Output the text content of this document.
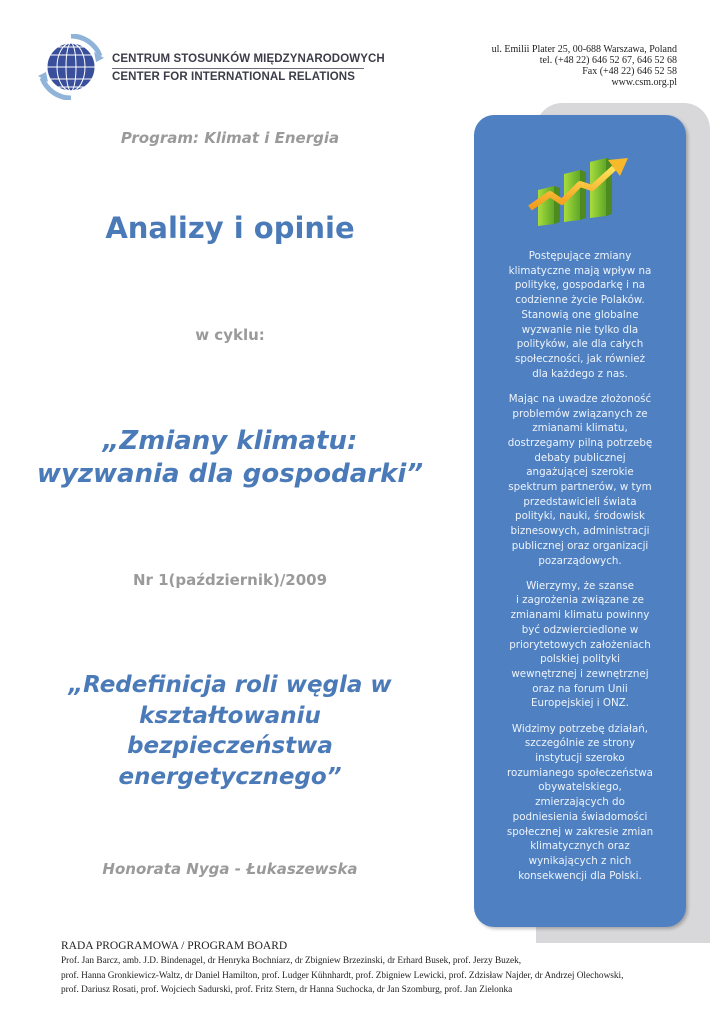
CENTRUM STOSUNKÓW MIĘDZYNARODOWYCH
CENTER FOR INTERNATIONAL RELATIONS
ul. Emilii Plater 25, 00-688 Warszawa, Poland
tel. (+48 22) 646 52 67, 646 52 68
Fax (+48 22) 646 52 58
www.csm.org.pl
Program: Klimat i Energia
Analizy i opinie
w cyklu:
„Zmiany klimatu:
wyzwania dla gospodarki”
Nr 1(październik)/2009
„Redefinicja roli węgla w
kształtowaniu
bezpieczeństwa
energetycznego”
Honorata Nyga - Łukaszewska

Postępujące zmiany
klimatyczne mają wpływ na
politykę, gospodarkę i na
codzienne życie Polaków.
Stanowią one globalne
wyzwanie nie tylko dla
polityków, ale dla całych
społeczności, jak również
dla każdego z nas.

Mając na uwadze złożoność
problemów związanych ze
zmianami klimatu,
dostrzegamy pilną potrzebę
debaty publicznej
angażującej szerokie
spektrum partnerów, w tym
przedstawicieli świata
polityki, nauki, środowisk
biznesowych, administracji
publicznej oraz organizacji
pozarządowych.

Wierzymy, że szanse
i zagrożenia związane ze
zmianami klimatu powinny
być odzwierciedlone w
priorytetowych założeniach
polskiej polityki
wewnętrznej i zewnętrznej
oraz na forum Unii
Europejskiej i ONZ.

Widzimy potrzebę działań,
szczególnie ze strony
instytucji szeroko
rozumianego społeczeństwa
obywatelskiego,
zmierzających do
podniesienia świadomości
społecznej w zakresie zmian
klimatycznych oraz
wynikających z nich
konsekwencji dla Polski.

RADA PROGRAMOWA / PROGRAM BOARD
Prof. Jan Barcz, amb. J.D. Bindenagel, dr Henryka Bochniarz, dr Zbigniew Brzezinski, dr Erhard Busek, prof. Jerzy Buzek,
prof. Hanna Gronkiewicz-Waltz, dr Daniel Hamilton, prof. Ludger Kühnhardt, prof. Zbigniew Lewicki, prof. Zdzisław Najder, dr Andrzej Olechowski,
prof. Dariusz Rosati, prof. Wojciech Sadurski, prof. Fritz Stern, dr Hanna Suchocka, dr Jan Szomburg, prof. Jan Zielonka
